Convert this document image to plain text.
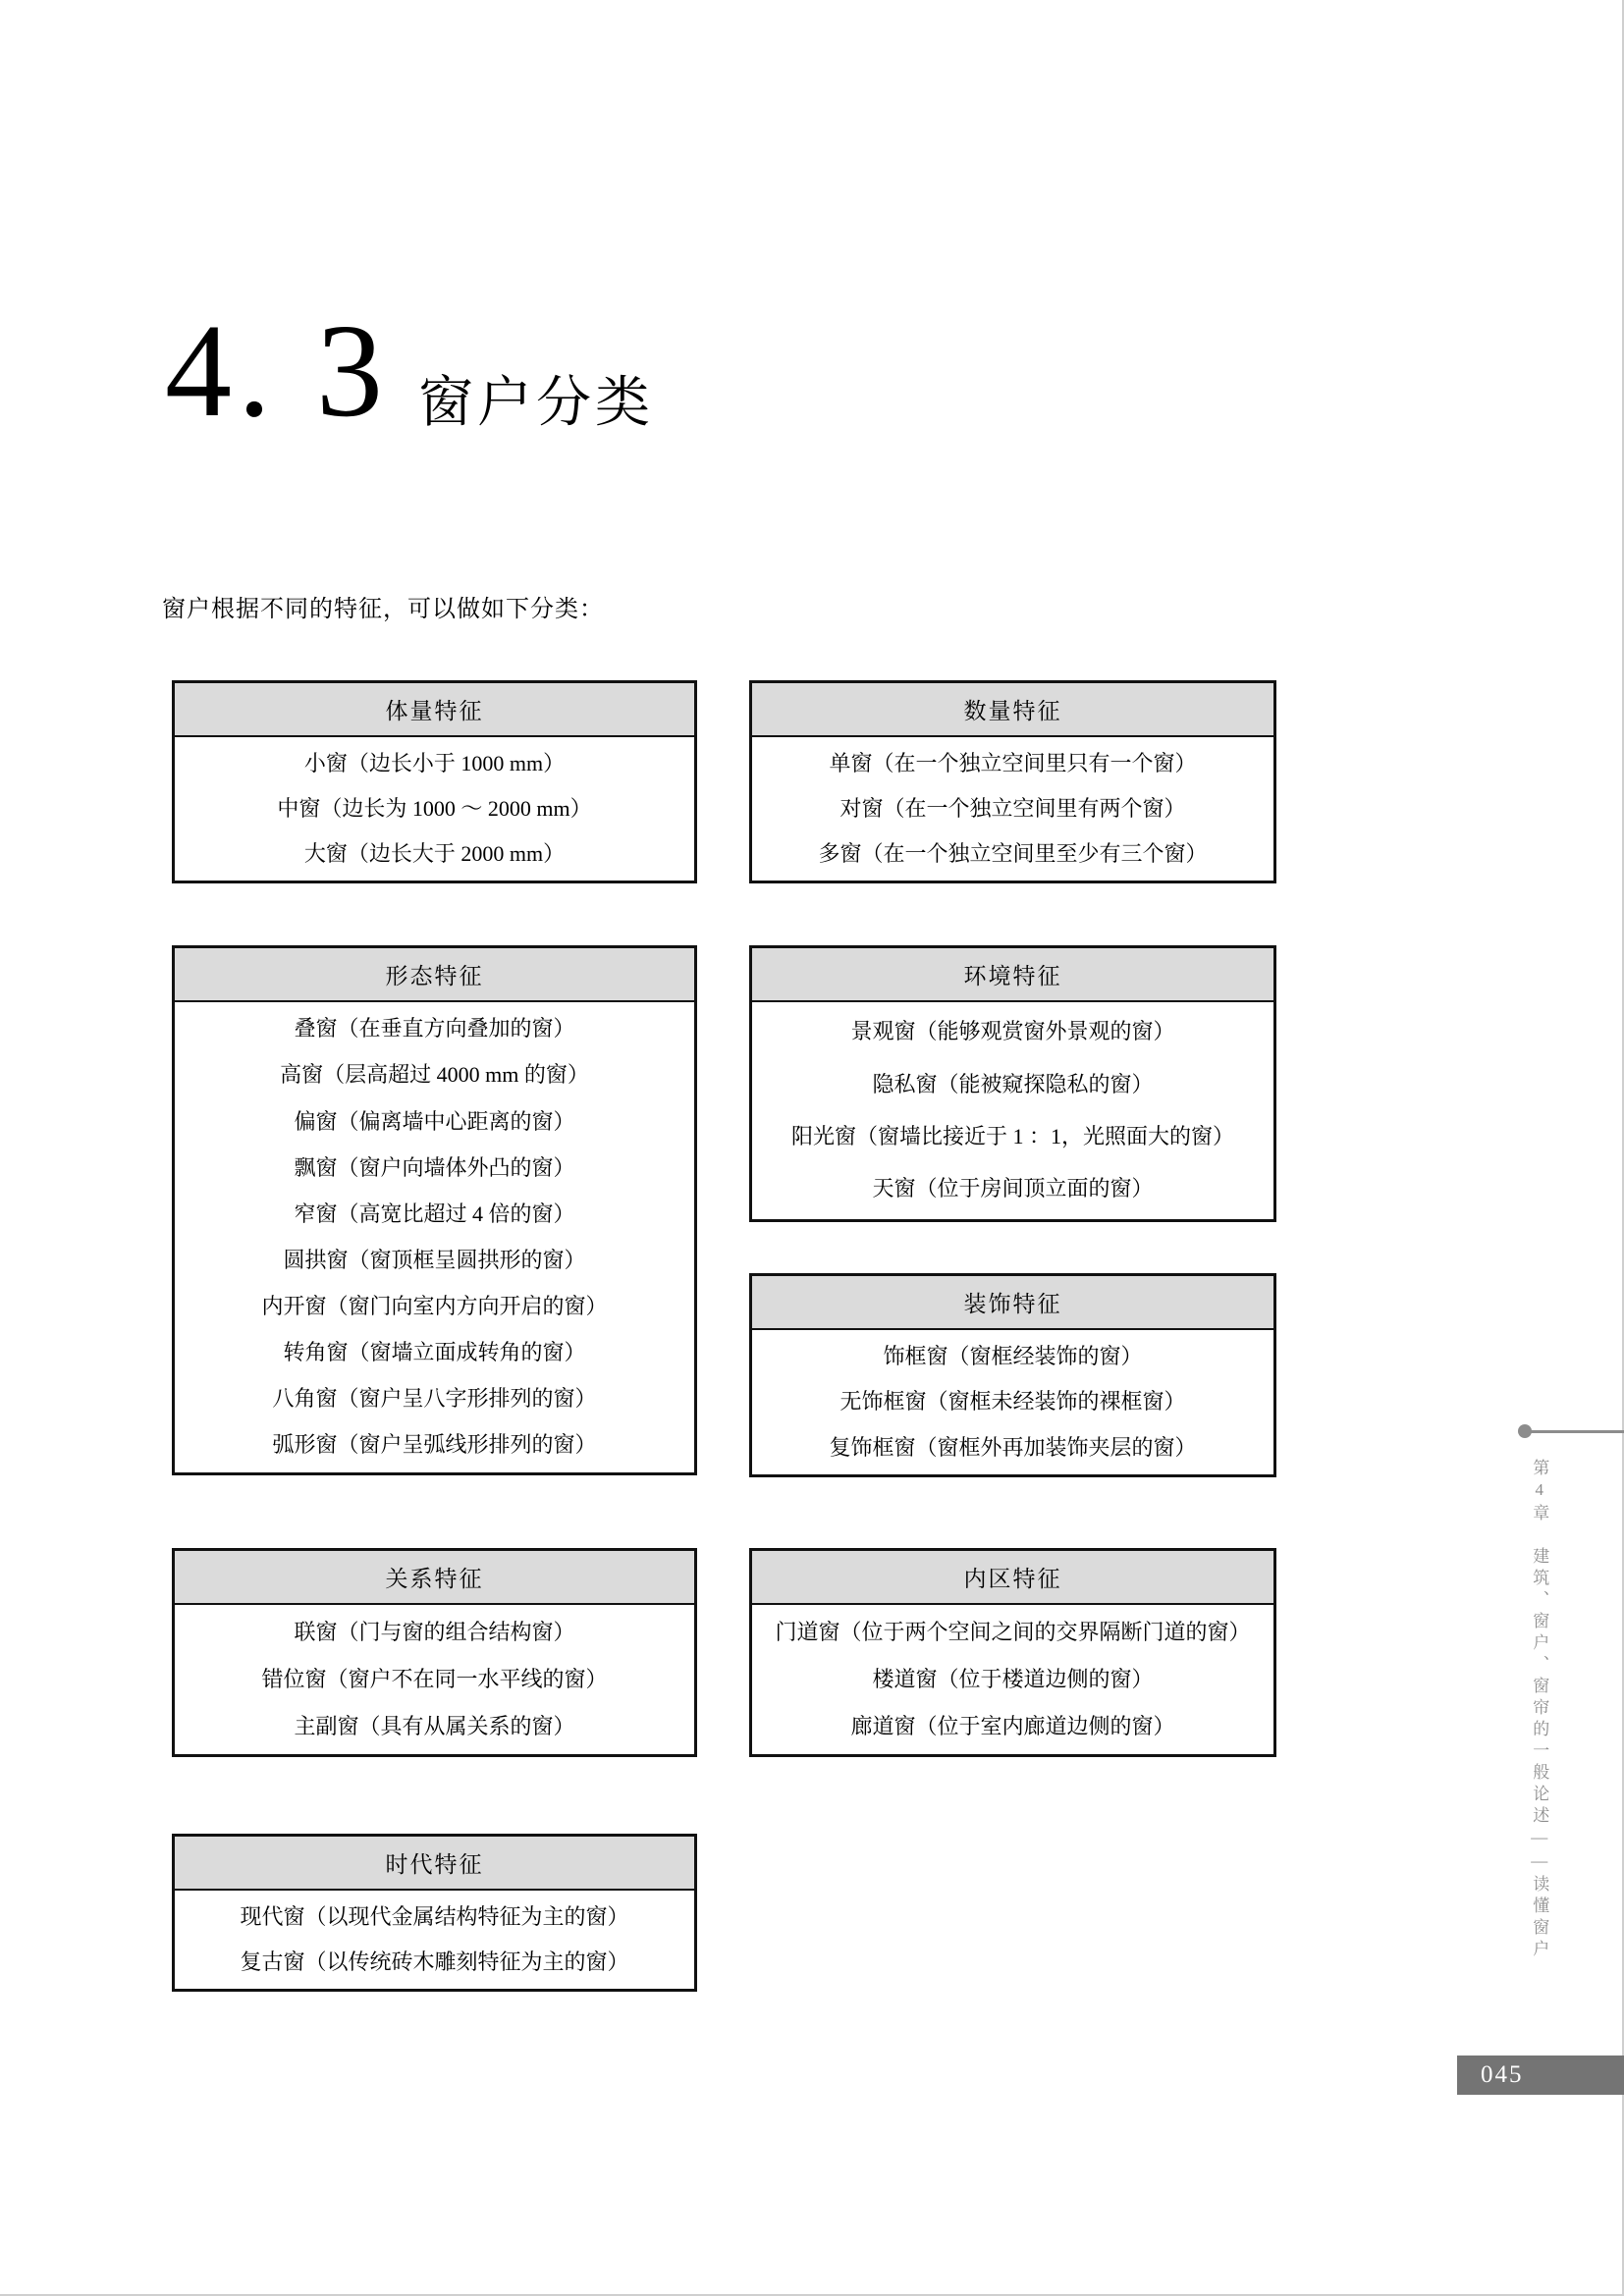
4. 3 窗户分类
窗户根据不同的特征，可以做如下分类：
体量特征
小窗（边长小于 1000 mm）
中窗（边长为 1000 ～ 2000 mm）
大窗（边长大于 2000 mm）
数量特征
单窗（在一个独立空间里只有一个窗）
对窗（在一个独立空间里有两个窗）
多窗（在一个独立空间里至少有三个窗）
形态特征
叠窗（在垂直方向叠加的窗）
高窗（层高超过 4000 mm 的窗）
偏窗（偏离墙中心距离的窗）
飘窗（窗户向墙体外凸的窗）
窄窗（高宽比超过 4 倍的窗）
圆拱窗（窗顶框呈圆拱形的窗）
内开窗（窗门向室内方向开启的窗）
转角窗（窗墙立面成转角的窗）
八角窗（窗户呈八字形排列的窗）
弧形窗（窗户呈弧线形排列的窗）
环境特征
景观窗（能够观赏窗外景观的窗）
隐私窗（能被窥探隐私的窗）
阳光窗（窗墙比接近于 1 ：1，光照面大的窗）
天窗（位于房间顶立面的窗）
装饰特征
饰框窗（窗框经装饰的窗）
无饰框窗（窗框未经装饰的裸框窗）
复饰框窗（窗框外再加装饰夹层的窗）
关系特征
联窗（门与窗的组合结构窗）
错位窗（窗户不在同一水平线的窗）
主副窗（具有从属关系的窗）
内区特征
门道窗（位于两个空间之间的交界隔断门道的窗）
楼道窗（位于楼道边侧的窗）
廊道窗（位于室内廊道边侧的窗）
时代特征
现代窗（以现代金属结构特征为主的窗）
复古窗（以传统砖木雕刻特征为主的窗）
第4章　建筑、窗户、窗帘的一般论述——读懂窗户
045
